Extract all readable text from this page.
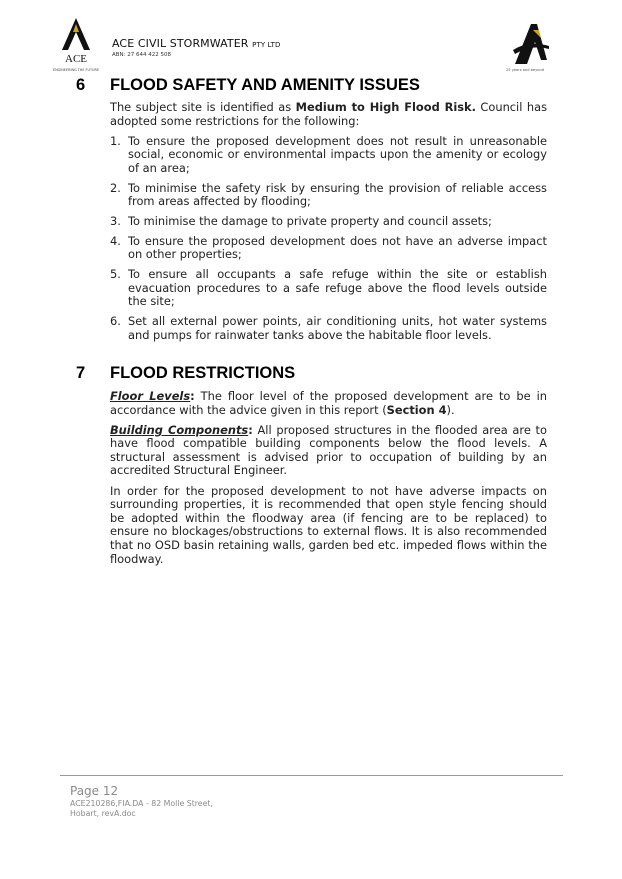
ACE
ENGINEERING THE FUTURE
ACE CIVIL STORMWATER PTY LTD
ABN: 27 644 422 508
25 years and beyond
6 FLOOD SAFETY AND AMENITY ISSUES

The subject site is identified as Medium to High Flood Risk. Council has adopted some restrictions for the following:

1. To ensure the proposed development does not result in unreasonable social, economic or environmental impacts upon the amenity or ecology of an area;
2. To minimise the safety risk by ensuring the provision of reliable access from areas affected by flooding;
3. To minimise the damage to private property and council assets;
4. To ensure the proposed development does not have an adverse impact on other properties;
5. To ensure all occupants a safe refuge within the site or establish evacuation procedures to a safe refuge above the flood levels outside the site;
6. Set all external power points, air conditioning units, hot water systems and pumps for rainwater tanks above the habitable floor levels.
7 FLOOD RESTRICTIONS

Floor Levels: The floor level of the proposed development are to be in accordance with the advice given in this report (Section 4).

Building Components: All proposed structures in the flooded area are to have flood compatible building components below the flood levels. A structural assessment is advised prior to occupation of building by an accredited Structural Engineer.

In order for the proposed development to not have adverse impacts on surrounding properties, it is recommended that open style fencing should be adopted within the floodway area (if fencing are to be replaced) to ensure no blockages/obstructions to external flows. It is also recommended that no OSD basin retaining walls, garden bed etc. impeded flows within the floodway.

Page 12
ACE210286,FIA.DA - 82 Molle Street,
Hobart, revA.doc
